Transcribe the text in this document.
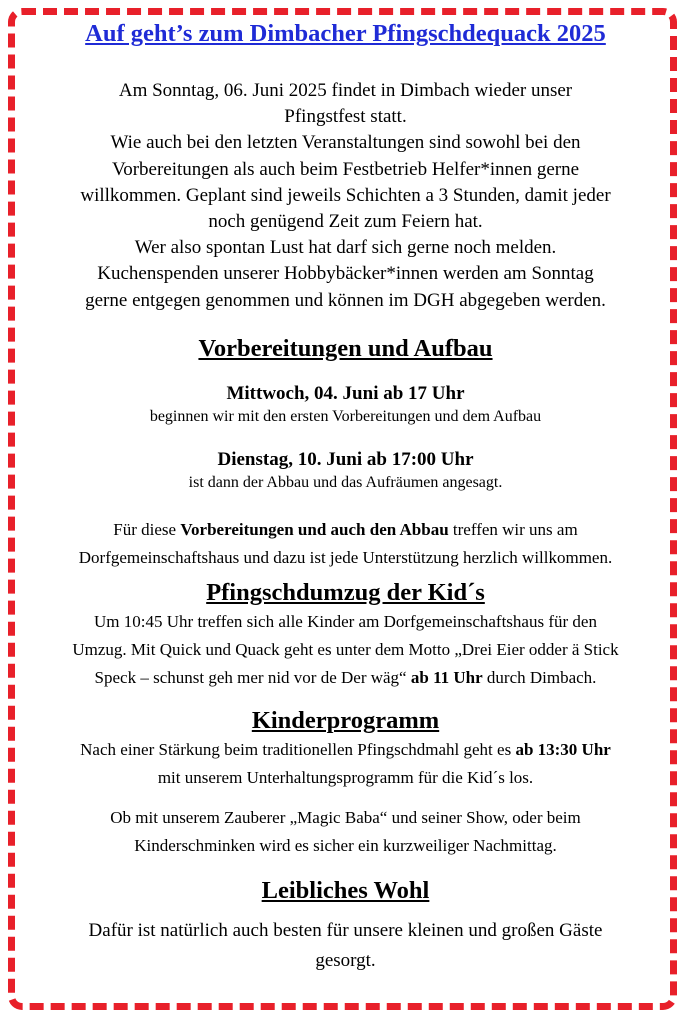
Auf geht’s zum Dimbacher Pfingschdequack 2025
Am Sonntag, 06. Juni 2025 findet in Dimbach wieder unser
Pfingstfest statt.
Wie auch bei den letzten Veranstaltungen sind sowohl bei den
Vorbereitungen als auch beim Festbetrieb Helfer*innen gerne
willkommen. Geplant sind jeweils Schichten a 3 Stunden, damit jeder
noch genügend Zeit zum Feiern hat.
Wer also spontan Lust hat darf sich gerne noch melden.
Kuchenspenden unserer Hobbybäcker*innen werden am Sonntag
gerne entgegen genommen und können im DGH abgegeben werden.
Vorbereitungen und Aufbau

Mittwoch, 04. Juni ab 17 Uhr

beginnen wir mit den ersten Vorbereitungen und dem Aufbau

Dienstag, 10. Juni ab 17:00 Uhr

ist dann der Abbau und das Aufräumen angesagt.

Für diese Vorbereitungen und auch den Abbau treffen wir uns am
Dorfgemeinschaftshaus und dazu ist jede Unterstützung herzlich willkommen.
Pfingschdumzug der Kid´s
Um 10:45 Uhr treffen sich alle Kinder am Dorfgemeinschaftshaus für den
Umzug. Mit Quick und Quack geht es unter dem Motto „Drei Eier odder ä Stick
Speck – schunst geh mer nid vor de Der wäg“ ab 11 Uhr durch Dimbach.
Kinderprogramm
Nach einer Stärkung beim traditionellen Pfingschdmahl geht es ab 13:30 Uhr
mit unserem Unterhaltungsprogramm für die Kid´s los.
Ob mit unserem Zauberer „Magic Baba“ und seiner Show, oder beim
Kinderschminken wird es sicher ein kurzweiliger Nachmittag.
Leibliches Wohl

Dafür ist natürlich auch besten für unsere kleinen und großen Gäste

gesorgt.
